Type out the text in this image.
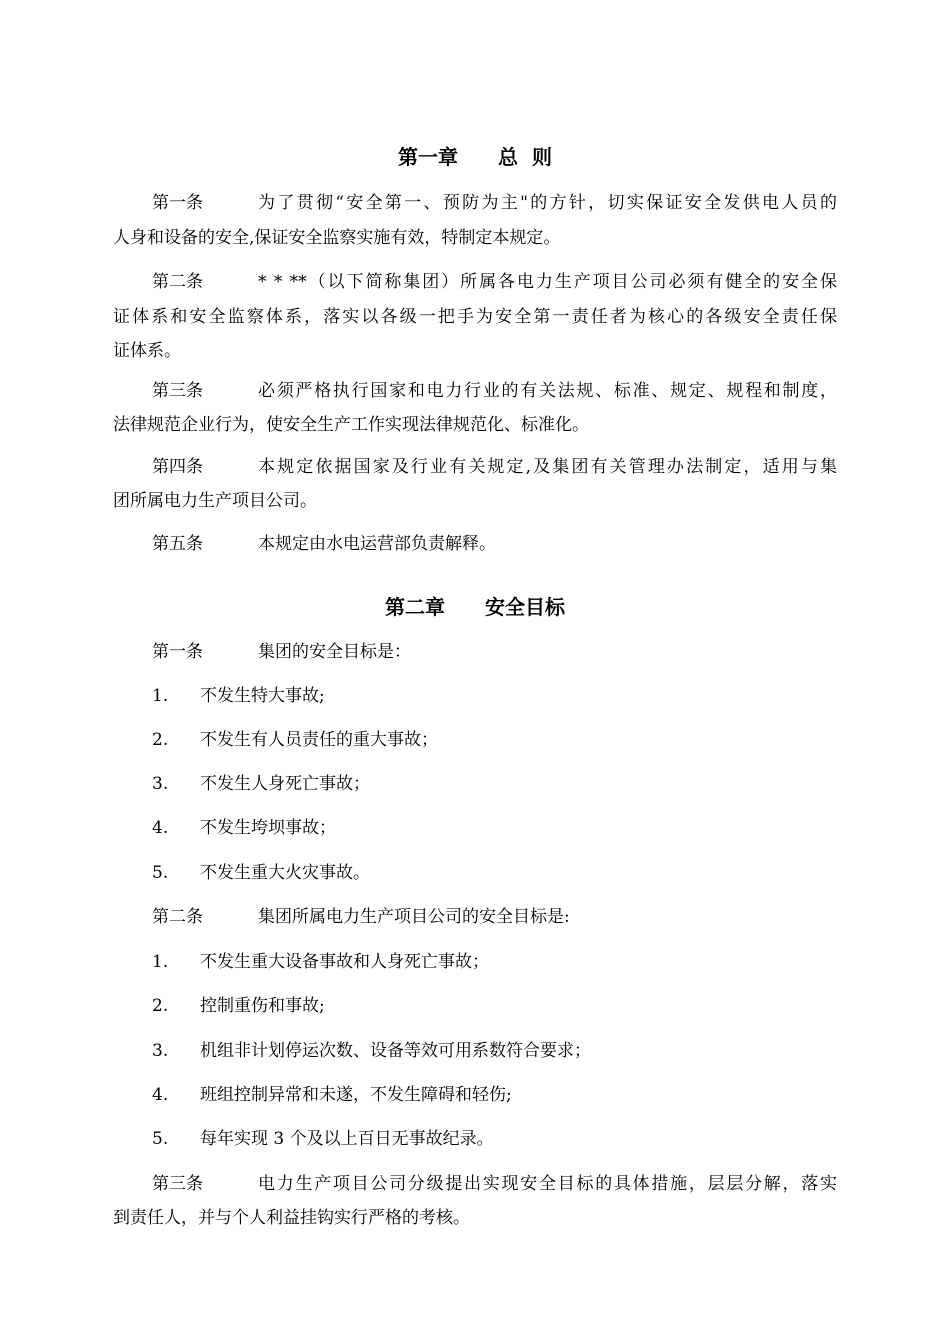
第一章　　总  则
第一条	为了贯彻“安全第一、预防为主"的方针，切实保证安全发供电人员的
人身和设备的安全,保证安全监察实施有效，特制定本规定。
第二条	* * **（以下简称集团）所属各电力生产项目公司必须有健全的安全保
证体系和安全监察体系，落实以各级一把手为安全第一责任者为核心的各级安全责任保
证体系。
第三条	必须严格执行国家和电力行业的有关法规、标准、规定、规程和制度，
法律规范企业行为，使安全生产工作实现法律规范化、标准化。
第四条	本规定依据国家及行业有关规定,及集团有关管理办法制定，适用与集
团所属电力生产项目公司。
第五条	本规定由水电运营部负责解释。
第二章　　安全目标
第一条	集团的安全目标是：
1. 不发生特大事故;
2. 不发生有人员责任的重大事故；
3. 不发生人身死亡事故；
4. 不发生垮坝事故；
5. 不发生重大火灾事故。
第二条	集团所属电力生产项目公司的安全目标是:
1. 不发生重大设备事故和人身死亡事故；
2. 控制重伤和事故;
3. 机组非计划停运次数、设备等效可用系数符合要求；
4. 班组控制异常和未遂，不发生障碍和轻伤;
5. 每年实现 3 个及以上百日无事故纪录。
第三条	电力生产项目公司分级提出实现安全目标的具体措施，层层分解，落实
到责任人，并与个人利益挂钩实行严格的考核。
